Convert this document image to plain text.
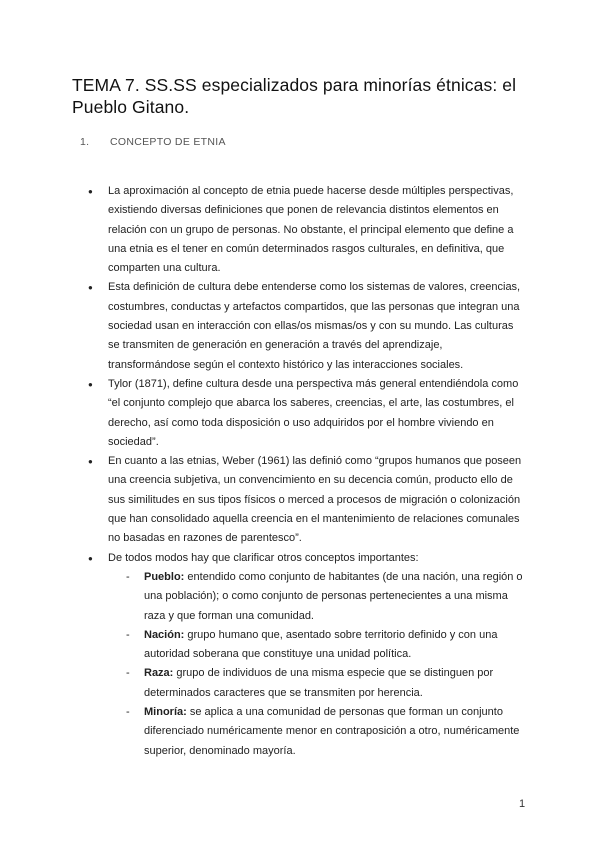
TEMA 7. SS.SS especializados para minorías étnicas: el Pueblo Gitano.
1. CONCEPTO DE ETNIA
● La aproximación al concepto de etnia puede hacerse desde múltiples perspectivas, existiendo diversas definiciones que ponen de relevancia distintos elementos en relación con un grupo de personas. No obstante, el principal elemento que define a una etnia es el tener en común determinados rasgos culturales, en definitiva, que comparten una cultura.
● Esta definición de cultura debe entenderse como los sistemas de valores, creencias, costumbres, conductas y artefactos compartidos, que las personas que integran una sociedad usan en interacción con ellas/os mismas/os y con su mundo. Las culturas se transmiten de generación en generación a través del aprendizaje, transformándose según el contexto histórico y las interacciones sociales.
● Tylor (1871), define cultura desde una perspectiva más general entendiéndola como “el conjunto complejo que abarca los saberes, creencias, el arte, las costumbres, el derecho, así como toda disposición o uso adquiridos por el hombre viviendo en sociedad”.
● En cuanto a las etnias, Weber (1961) las definió como “grupos humanos que poseen una creencia subjetiva, un convencimiento en su decencia común, producto ello de sus similitudes en sus tipos físicos o merced a procesos de migración o colonización que han consolidado aquella creencia en el mantenimiento de relaciones comunales no basadas en razones de parentesco”.
● De todos modos hay que clarificar otros conceptos importantes:
- Pueblo: entendido como conjunto de habitantes (de una nación, una región o una población); o como conjunto de personas pertenecientes a una misma raza y que forman una comunidad.
- Nación: grupo humano que, asentado sobre territorio definido y con una autoridad soberana que constituye una unidad política.
- Raza: grupo de individuos de una misma especie que se distinguen por determinados caracteres que se transmiten por herencia.
- Minoría: se aplica a una comunidad de personas que forman un conjunto diferenciado numéricamente menor en contraposición a otro, numéricamente superior, denominado mayoría.
1
